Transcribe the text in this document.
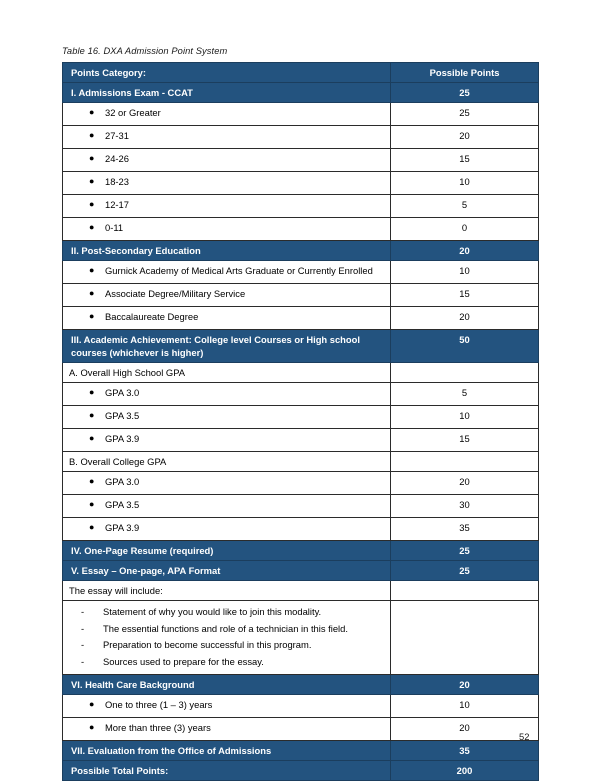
Table 16. DXA Admission Point System
Points Category:	Possible Points

I. Admissions Exam - CCAT	25

● 32 or Greater	25

● 27-31	20

● 24-26	15

● 18-23	10

● 12-17	5

● 0-11	0

II. Post-Secondary Education	20

● Gurnick Academy of Medical Arts Graduate or Currently Enrolled	10

● Associate Degree/Military Service	15

● Baccalaureate Degree	20

III. Academic Achievement: College level Courses or High school courses (whichever is higher)	50

A. Overall High School GPA	

● GPA 3.0	5

● GPA 3.5	10

● GPA 3.9	15

B. Overall College GPA	

● GPA 3.0	20

● GPA 3.5	30

● GPA 3.9	35

IV. One-Page Resume (required)	25

V. Essay – One-page, APA Format	25

The essay will include:	

-	Statement of why you would like to join this modality.
-	The essential functions and role of a technician in this field.
-	Preparation to become successful in this program.
-	Sources used to prepare for the essay.

VI. Health Care Background	20

● One to three (1 – 3) years	10

● More than three (3) years	20

VII. Evaluation from the Office of Admissions	35

Possible Total Points:	200
52
